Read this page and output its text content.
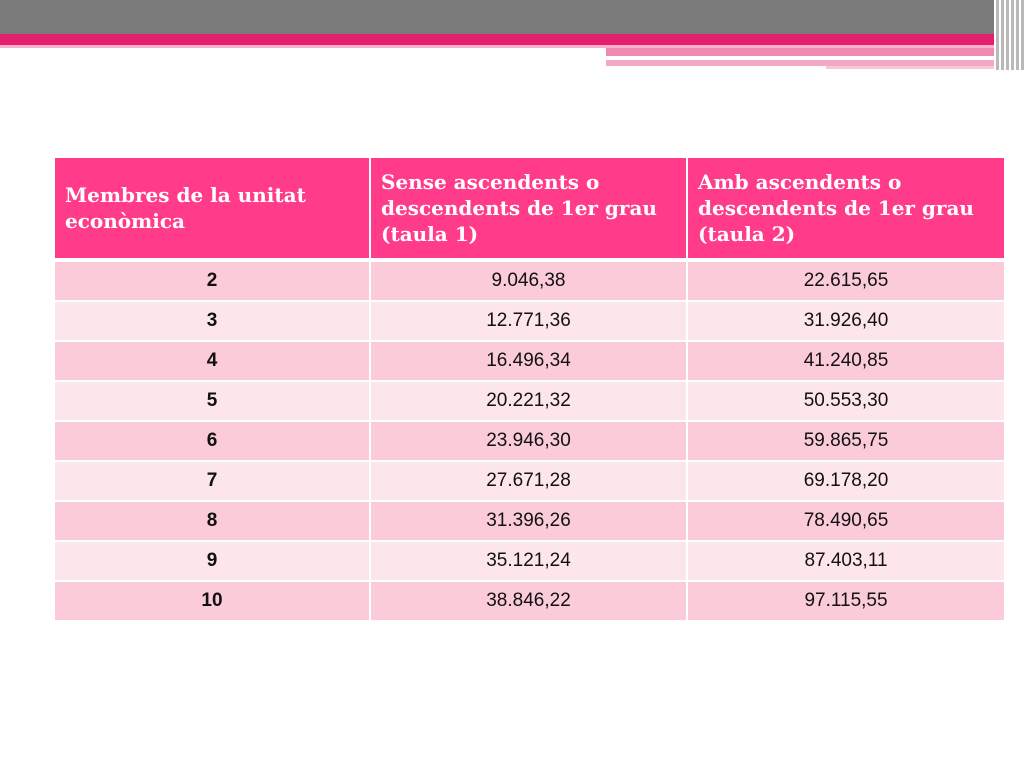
Membres de la unitat econòmica	Sense ascendents o descendents de 1er grau (taula 1)	Amb ascendents o descendents de 1er grau (taula 2)
2	9.046,38	22.615,65
3	12.771,36	31.926,40
4	16.496,34	41.240,85
5	20.221,32	50.553,30
6	23.946,30	59.865,75
7	27.671,28	69.178,20
8	31.396,26	78.490,65
9	35.121,24	87.403,11
10	38.846,22	97.115,55
